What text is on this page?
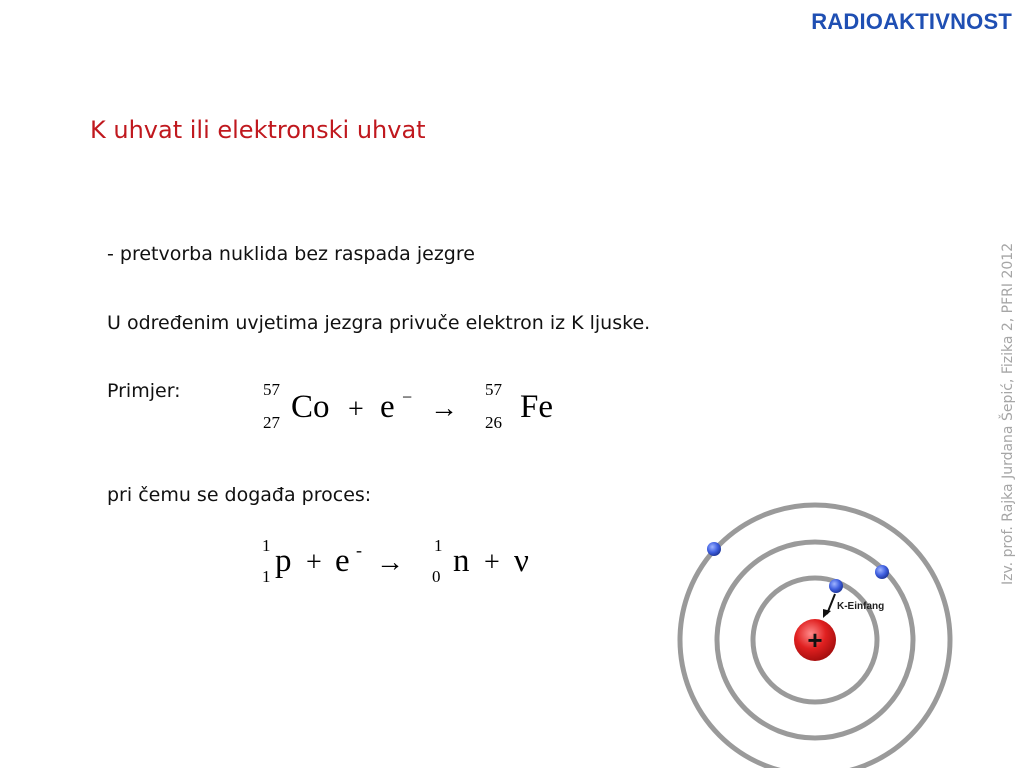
RADIOAKTIVNOST
K uhvat ili elektronski uhvat
Izv. prof. Rajka Jurdana Šepić, Fizika 2, PFRI 2012
- pretvorba nuklida bez raspada jezgre
U određenim uvjetima jezgra privuče elektron iz K ljuske.
Primjer:
pri čemu se događa proces:
57
27 Co + e − →
57
26 Fe
1
1 p + e - →
1
0 n + ν
K-Einfang
+
